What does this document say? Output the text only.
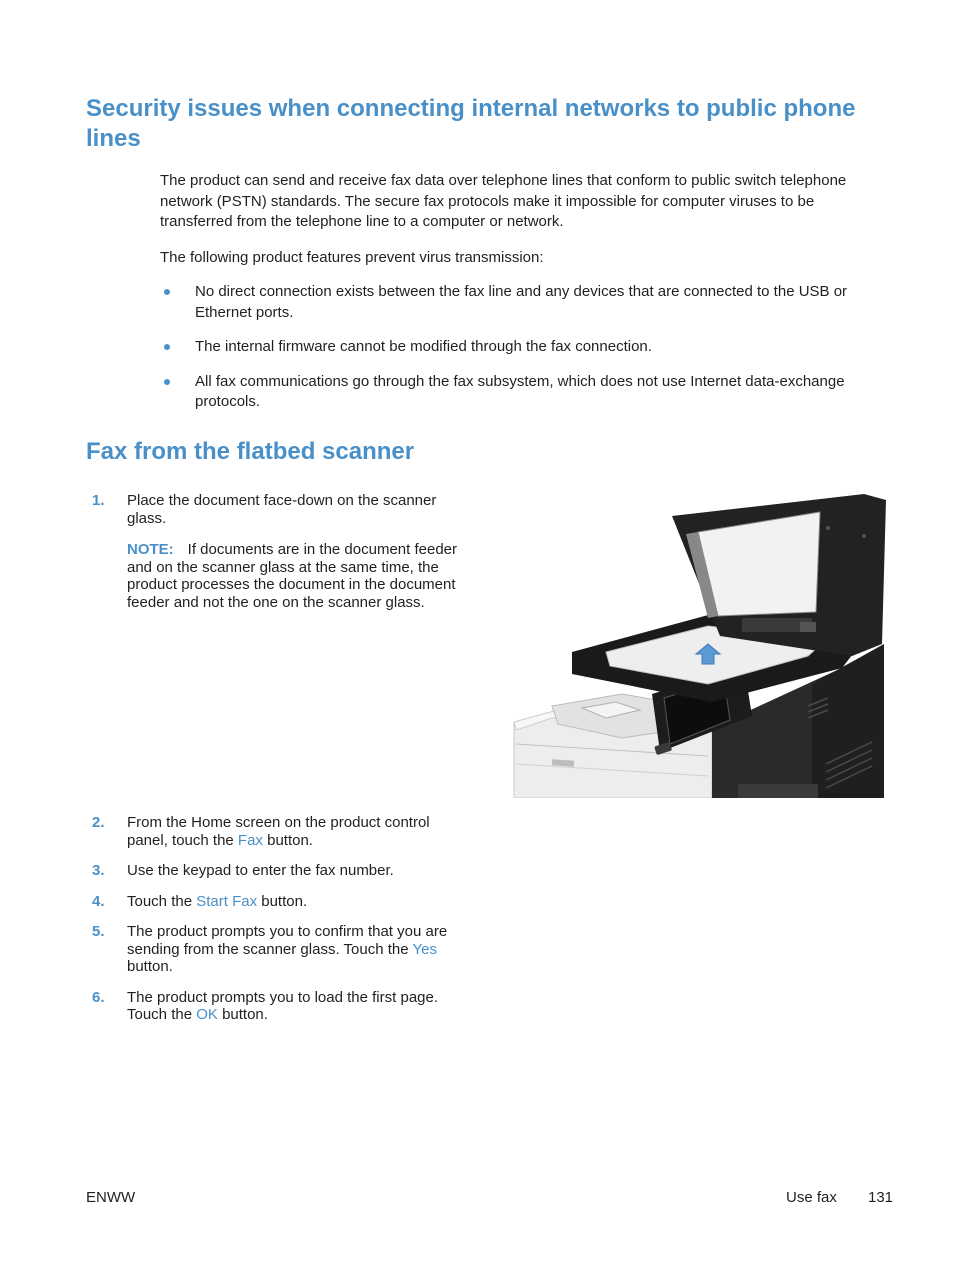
Security issues when connecting internal networks to public phone lines

The product can send and receive fax data over telephone lines that conform to public switch telephone network (PSTN) standards. The secure fax protocols make it impossible for computer viruses to be transferred from the telephone line to a computer or network.

The following product features prevent virus transmission:

No direct connection exists between the fax line and any devices that are connected to the USB or Ethernet ports.
The internal firmware cannot be modified through the fax connection.
All fax communications go through the fax subsystem, which does not use Internet data-exchange protocols.
Fax from the flatbed scanner
1. Place the document face-down on the scanner glass.
NOTE: If documents are in the document feeder and on the scanner glass at the same time, the product processes the document in the document feeder and not the one on the scanner glass.
2. From the Home screen on the product control panel, touch the Fax button.
3. Use the keypad to enter the fax number.
4. Touch the Start Fax button.
5. The product prompts you to confirm that you are sending from the scanner glass. Touch the Yes button.
6. The product prompts you to load the first page. Touch the OK button.
ENWW	Use fax 131
